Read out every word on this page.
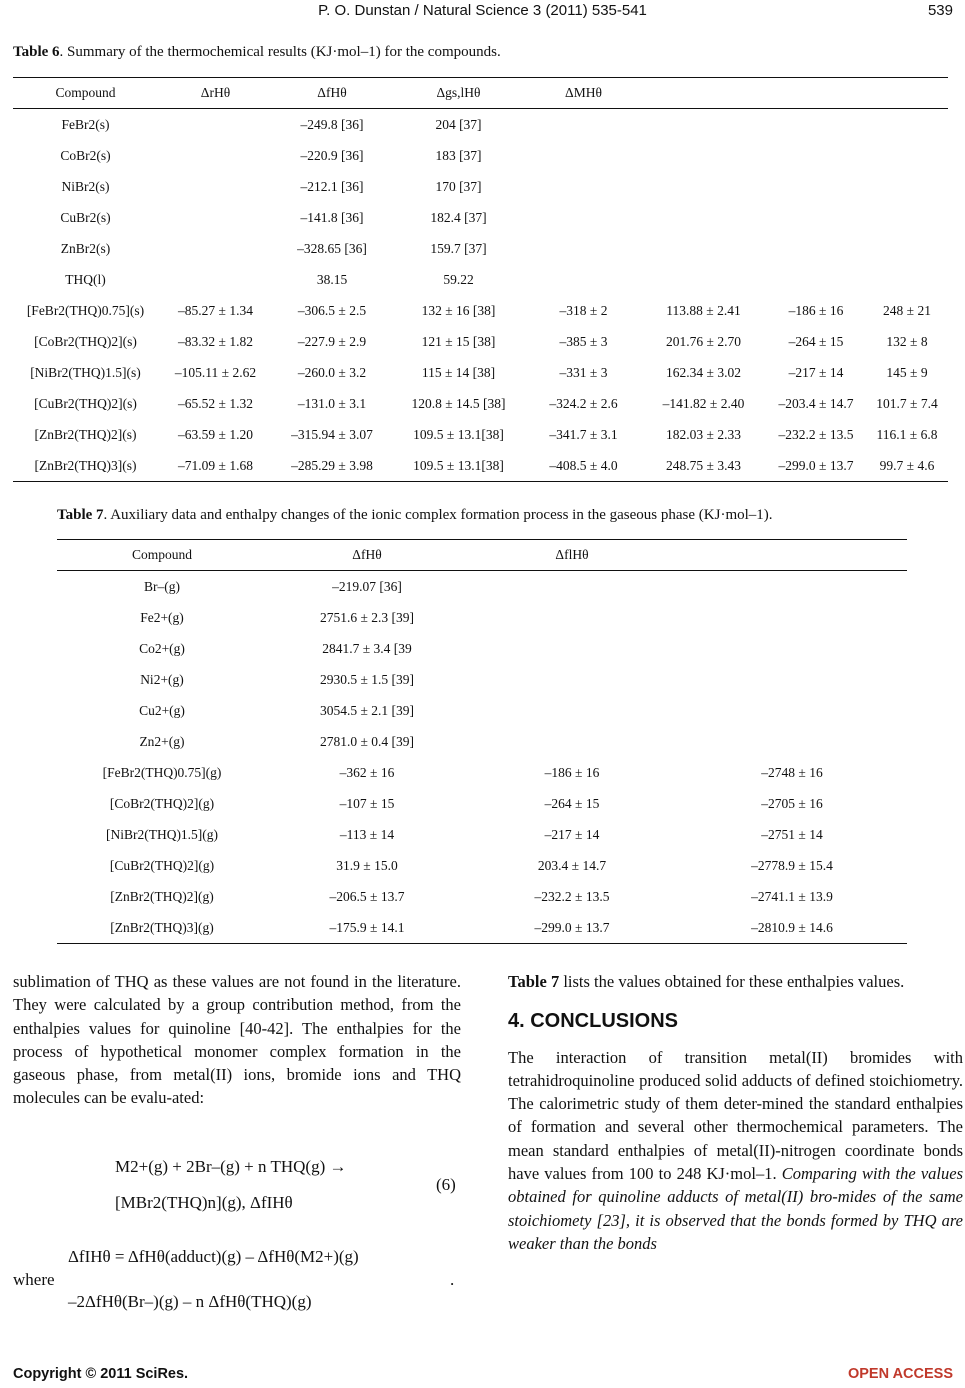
P. O. Dunstan / Natural Science 3 (2011) 535-541	539
Table 6. Summary of the thermochemical results (KJ·mol–1) for the compounds.
Compound	ΔrHθ	ΔfHθ	Δgs,lHθ	ΔMHθ			
FeBr2(s)		–249.8 [36]	204 [37]				
CoBr2(s)		–220.9 [36]	183 [37]				
NiBr2(s)		–212.1 [36]	170 [37]				
CuBr2(s)		–141.8 [36]	182.4 [37]				
ZnBr2(s)		–328.65 [36]	159.7 [37]				
THQ(l)		38.15	59.22				
[FeBr2(THQ)0.75](s)	–85.27 ± 1.34	–306.5 ± 2.5	132 ± 16 [38]	–318 ± 2	113.88 ± 2.41	–186 ± 16	248 ± 21
[CoBr2(THQ)2](s)	–83.32 ± 1.82	–227.9 ± 2.9	121 ± 15 [38]	–385 ± 3	201.76 ± 2.70	–264 ± 15	132 ± 8
[NiBr2(THQ)1.5](s)	–105.11 ± 2.62	–260.0 ± 3.2	115 ± 14 [38]	–331 ± 3	162.34 ± 3.02	–217 ± 14	145 ± 9
[CuBr2(THQ)2](s)	–65.52 ± 1.32	–131.0 ± 3.1	120.8 ± 14.5 [38]	–324.2 ± 2.6	–141.82 ± 2.40	–203.4 ± 14.7	101.7 ± 7.4
[ZnBr2(THQ)2](s)	–63.59 ± 1.20	–315.94 ± 3.07	109.5 ± 13.1[38]	–341.7 ± 3.1	182.03 ± 2.33	–232.2 ± 13.5	116.1 ± 6.8
[ZnBr2(THQ)3](s)	–71.09 ± 1.68	–285.29 ± 3.98	109.5 ± 13.1[38]	–408.5 ± 4.0	248.75 ± 3.43	–299.0 ± 13.7	99.7 ± 4.6
Table 7. Auxiliary data and enthalpy changes of the ionic complex formation process in the gaseous phase (KJ·mol–1).
Compound	ΔfHθ	ΔflHθ	
Br–(g)	–219.07 [36]		
Fe2+(g)	2751.6 ± 2.3 [39]		
Co2+(g)	2841.7 ± 3.4 [39		
Ni2+(g)	2930.5 ± 1.5 [39]		
Cu2+(g)	3054.5 ± 2.1 [39]		
Zn2+(g)	2781.0 ± 0.4 [39]		
[FeBr2(THQ)0.75](g)	–362 ± 16	–186 ± 16	–2748 ± 16
[CoBr2(THQ)2](g)	–107 ± 15	–264 ± 15	–2705 ± 16
[NiBr2(THQ)1.5](g)	–113 ± 14	–217 ± 14	–2751 ± 14
[CuBr2(THQ)2](g)	31.9 ± 15.0	203.4 ± 14.7	–2778.9 ± 15.4
[ZnBr2(THQ)2](g)	–206.5 ± 13.7	–232.2 ± 13.5	–2741.1 ± 13.9
[ZnBr2(THQ)3](g)	–175.9 ± 14.1	–299.0 ± 13.7	–2810.9 ± 14.6
sublimation of THQ as these values are not found in the literature. They were calculated by a group contribution method, from the enthalpies values for quinoline [40-42]. The enthalpies for the process of hypothetical monomer complex formation in the gaseous phase, from metal(II) ions, bromide ions and THQ molecules can be evalu-ated:
M2+(g) + 2Br–(g) + n THQ(g) →
[MBr2(THQ)n](g), ΔfIHθ
(6)
where
ΔfIHθ = ΔfHθ(adduct)(g) – ΔfHθ(M2+)(g)
–2ΔfHθ(Br–)(g) – n ΔfHθ(THQ)(g)
.
Table 7 lists the values obtained for these enthalpies values.
4. CONCLUSIONS
The interaction of transition metal(II) bromides with tetrahidroquinoline produced solid adducts of defined stoichiometry. The calorimetric study of them deter-mined the standard enthalpies of formation and several other thermochemical parameters. The mean standard enthalpies of metal(II)-nitrogen coordinate bonds have values from 100 to 248 KJ·mol–1. Comparing with the values obtained for quinoline adducts of metal(II) bro-mides of the same stoichiomety [23], it is observed that the bonds formed by THQ are weaker than the bonds
Copyright © 2011 SciRes.	OPEN ACCESS
